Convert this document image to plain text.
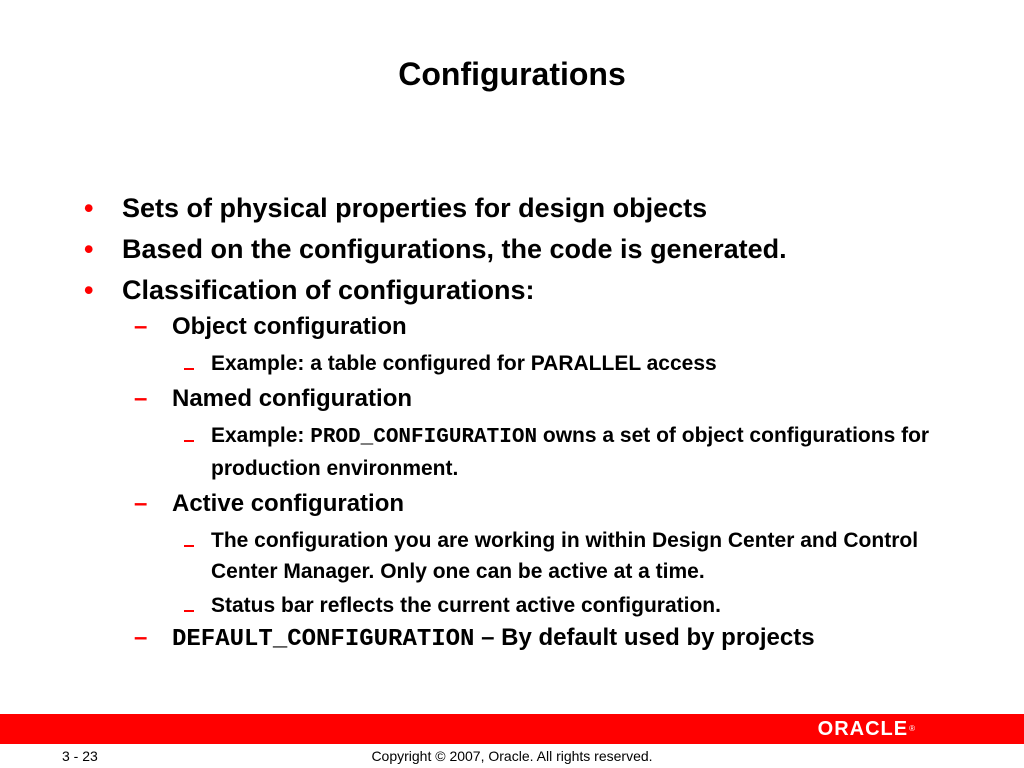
Configurations
• Sets of physical properties for design objects
• Based on the configurations, the code is generated.
• Classification of configurations:
– Object configuration
Example: a table configured for PARALLEL access
– Named configuration
Example: PROD_CONFIGURATION owns a set of object configurations for production environment.
– Active configuration
The configuration you are working in within Design Center and Control Center Manager. Only one can be active at a time.
Status bar reflects the current active configuration.
– DEFAULT_CONFIGURATION – By default used by projects
ORACLE®
3 - 23	Copyright © 2007, Oracle. All rights reserved.
